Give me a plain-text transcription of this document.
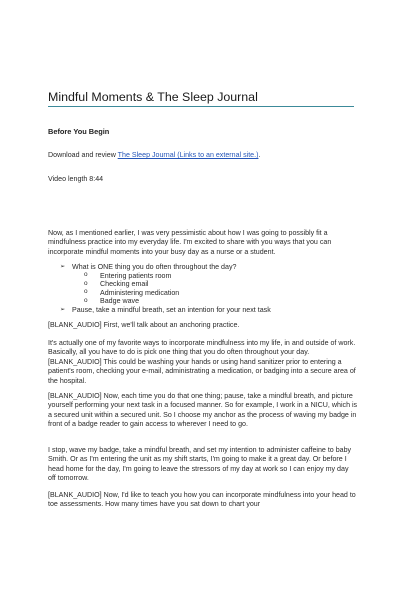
Mindful Moments & The Sleep Journal
Before You Begin
Download and review The Sleep Journal (Links to an external site.).
Video length 8:44
Now, as I mentioned earlier, I was very pessimistic about how I was going to possibly fit a mindfulness practice into my everyday life. I'm excited to share with you ways that you can incorporate mindful moments into your busy day as a nurse or a student.
➢ What is ONE thing you do often throughout the day?
o Entering patients room
o Checking email
o Administering medication
o Badge wave
➢ Pause, take a mindful breath, set an intention for your next task
[BLANK_AUDIO] First, we'll talk about an anchoring practice.
It's actually one of my favorite ways to incorporate mindfulness into my life, in and outside of work. Basically, all you have to do is pick one thing that you do often throughout your day. [BLANK_AUDIO] This could be washing your hands or using hand sanitizer prior to entering a patient's room, checking your e-mail, administrating a medication, or badging into a secure area of the hospital.
[BLANK_AUDIO] Now, each time you do that one thing; pause, take a mindful breath, and picture yourself performing your next task in a focused manner. So for example, I work in a NICU, which is a secured unit within a secured unit. So I choose my anchor as the process of waving my badge in front of a badge reader to gain access to wherever I need to go.
I stop, wave my badge, take a mindful breath, and set my intention to administer caffeine to baby Smith. Or as I'm entering the unit as my shift starts, I'm going to make it a great day. Or before I head home for the day, I'm going to leave the stressors of my day at work so I can enjoy my day off tomorrow.
[BLANK_AUDIO] Now, I'd like to teach you how you can incorporate mindfulness into your head to toe assessments. How many times have you sat down to chart your
